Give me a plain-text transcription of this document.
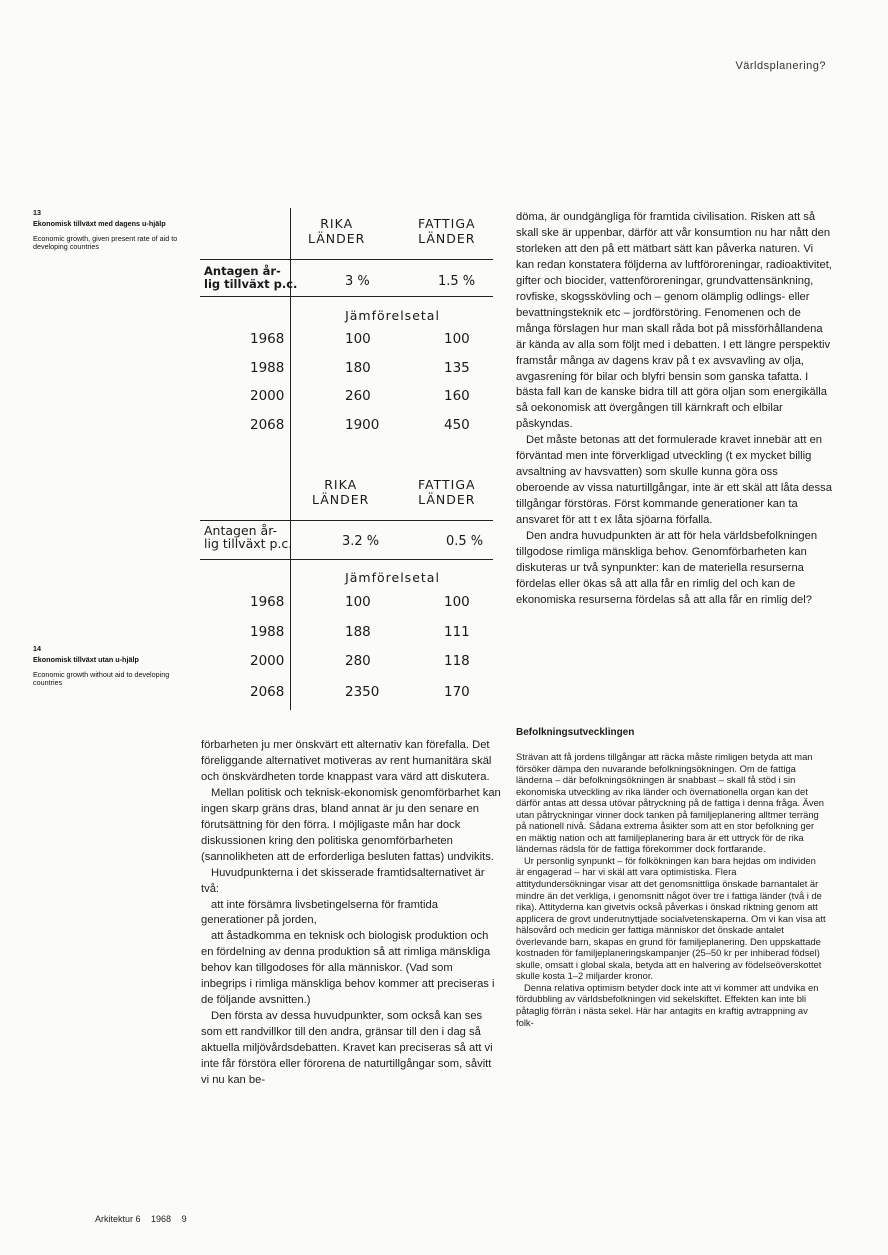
Världsplanering?
13
Ekonomisk tillväxt med dagens u-hjälp
Economic growth, given present rate of aid to developing countries
14
Ekonomisk tillväxt utan u-hjälp
Economic growth without aid to developing countries
RIKA
LÄNDER
FATTIGA
LÄNDER
Antagen år-
lig tillväxt p.c.	3 %	1.5 %
Jämförelsetal
1968	100	100
1988	180	135
2000	260	160
2068	1900	450
RIKA
LÄNDER
FATTIGA
LÄNDER
Antagen år-
lig tillväxt p.c.	3.2 %	0.5 %
Jämförelsetal
1968	100	100
1988	188	111
2000	280	118
2068	2350	170

döma, är oundgängliga för framtida civilisation. Risken att så skall ske är uppenbar, därför att vår konsumtion nu har nått den storleken att den på ett mätbart sätt kan påverka naturen. Vi kan redan konstatera följderna av luftföroreningar, radioaktivitet, gifter och biocider, vattenföroreningar, grundvattensänkning, rovfiske, skogsskövling och – genom olämplig odlings- eller bevattningsteknik etc – jordförstöring. Fenomenen och de många förslagen hur man skall råda bot på missförhållandena är kända av alla som följt med i debatten. I ett längre perspektiv framstår många av dagens krav på t ex avsvavling av olja, avgasrening för bilar och blyfri bensin som ganska tafatta. I bästa fall kan de kanske bidra till att göra oljan som energikälla så oekonomisk att övergången till kärnkraft och elbilar påskyndas.

Det måste betonas att det formulerade kravet innebär att en förväntad men inte förverkligad utveckling (t ex mycket billig avsaltning av havsvatten) som skulle kunna göra oss oberoende av vissa naturtillgångar, inte är ett skäl att låta dessa tillgångar förstöras. Först kommande generationer kan ta ansvaret för att t ex låta sjöarna förfalla.

Den andra huvudpunkten är att för hela världsbefolkningen tillgodose rimliga mänskliga behov. Genomförbarheten kan diskuteras ur två synpunkter: kan de materiella resurserna fördelas eller ökas så att alla får en rimlig del och kan de ekonomiska resurserna fördelas så att alla får en rimlig del?

förbarheten ju mer önskvärt ett alternativ kan förefalla. Det föreliggande alternativet motiveras av rent humanitära skäl och önskvärdheten torde knappast vara värd att diskutera.

Mellan politisk och teknisk-ekonomisk genomförbarhet kan ingen skarp gräns dras, bland annat är ju den senare en förutsättning för den förra. I möjligaste mån har dock diskussionen kring den politiska genomförbarheten (sannolikheten att de erforderliga besluten fattas) undvikits.

Huvudpunkterna i det skisserade framtidsalternativet är två:

att inte försämra livsbetingelserna för framtida generationer på jorden,

att åstadkomma en teknisk och biologisk produktion och en fördelning av denna produktion så att rimliga mänskliga behov kan tillgodoses för alla människor. (Vad som inbegrips i rimliga mänskliga behov kommer att preciseras i de följande avsnitten.)

Den första av dessa huvudpunkter, som också kan ses som ett randvillkor till den andra, gränsar till den i dag så aktuella miljövårdsdebatten. Kravet kan preciseras så att vi inte får förstöra eller förorena de naturtillgångar som, såvitt vi nu kan be-

Befolkningsutvecklingen

Strävan att få jordens tillgångar att räcka måste rimligen betyda att man försöker dämpa den nuvarande befolkningsökningen. Om de fattiga länderna – där befolkningsökningen är snabbast – skall få stöd i sin ekonomiska utveckling av rika länder och övernationella organ kan det därför antas att dessa utövar påtryckning på de fattiga i denna fråga. Även utan påtryckningar vinner dock tanken på familjeplanering alltmer terräng på nationell nivå. Sådana extrema åsikter som att en stor befolkning ger en mäktig nation och att familjeplanering bara är ett uttryck för de rika ländernas rädsla för de fattiga förekommer dock fortfarande.

Ur personlig synpunkt – för folkökningen kan bara hejdas om individen är engagerad – har vi skäl att vara optimistiska. Flera attitydundersökningar visar att det genomsnittliga önskade barnantalet är mindre än det verkliga, i genomsnitt något över tre i fattiga länder (två i de rika). Attityderna kan givetvis också påverkas i önskad riktning genom att applicera de grovt underutnyttjade socialvetenskaperna. Om vi kan visa att hälsovård och medicin ger fattiga människor det önskade antalet överlevande barn, skapas en grund för familjeplanering. Den uppskattade kostnaden för familjeplaneringskampanjer (25–50 kr per inhiberad födsel) skulle, omsatt i global skala, betyda att en halvering av födelseöverskottet skulle kosta 1–2 miljarder kronor.

Denna relativa optimism betyder dock inte att vi kommer att undvika en fördubbling av världsbefolkningen vid sekelskiftet. Effekten kan inte bli påtaglig förrän i nästa sekel. Här har antagits en kraftig avtrappning av folk-

Arkitektur 6 1968 9
